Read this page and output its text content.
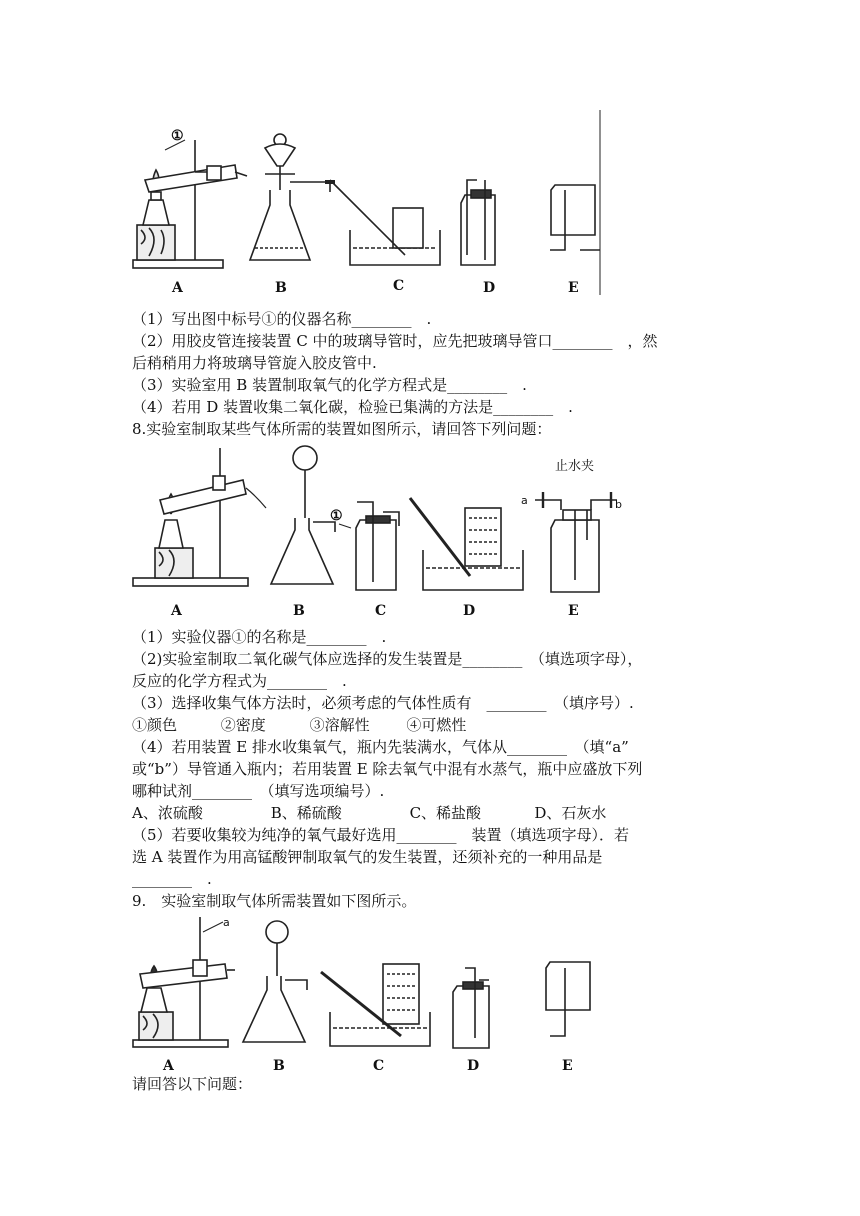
①
A	B	C	D	E
（1）写出图中标号①的仪器名称________　.
（2）用胶皮管连接装置 C 中的玻璃导管时，应先把玻璃导管口________　，然
后稍稍用力将玻璃导管旋入胶皮管中.
（3）实验室用 B 装置制取氧气的化学方程式是________　.
（4）若用 D 装置收集二氧化碳，检验已集满的方法是________　.
8.实验室制取某些气体所需的装置如图所示，请回答下列问题：
①
止水夹
a	b
A	B	C	D	E
（1）实验仪器①的名称是________　.
（2)实验室制取二氧化碳气体应选择的发生装置是________　（填选项字母），
反应的化学方程式为________　.
（3）选择收集气体方法时，必须考虑的气体性质有　________　（填序号）.
①颜色	②密度	③溶解性 ④可燃性
（4）若用装置 E 排水收集氧气，瓶内先装满水，气体从________　（填“a”
或“b”）导管通入瓶内；若用装置 E 除去氧气中混有水蒸气，瓶中应盛放下列
哪种试剂________　（填写选项编号）.
A、浓硫酸	B、稀硫酸	C、稀盐酸	D、石灰水
（5）若要收集较为纯净的氧气最好选用________　装置（填选项字母）．若
选 A 装置作为用高锰酸钾制取氧气的发生装置，还须补充的一种用品是
________　.
9.　实验室制取气体所需装置如下图所示。
a
A	B	C	D	E
请回答以下问题：
